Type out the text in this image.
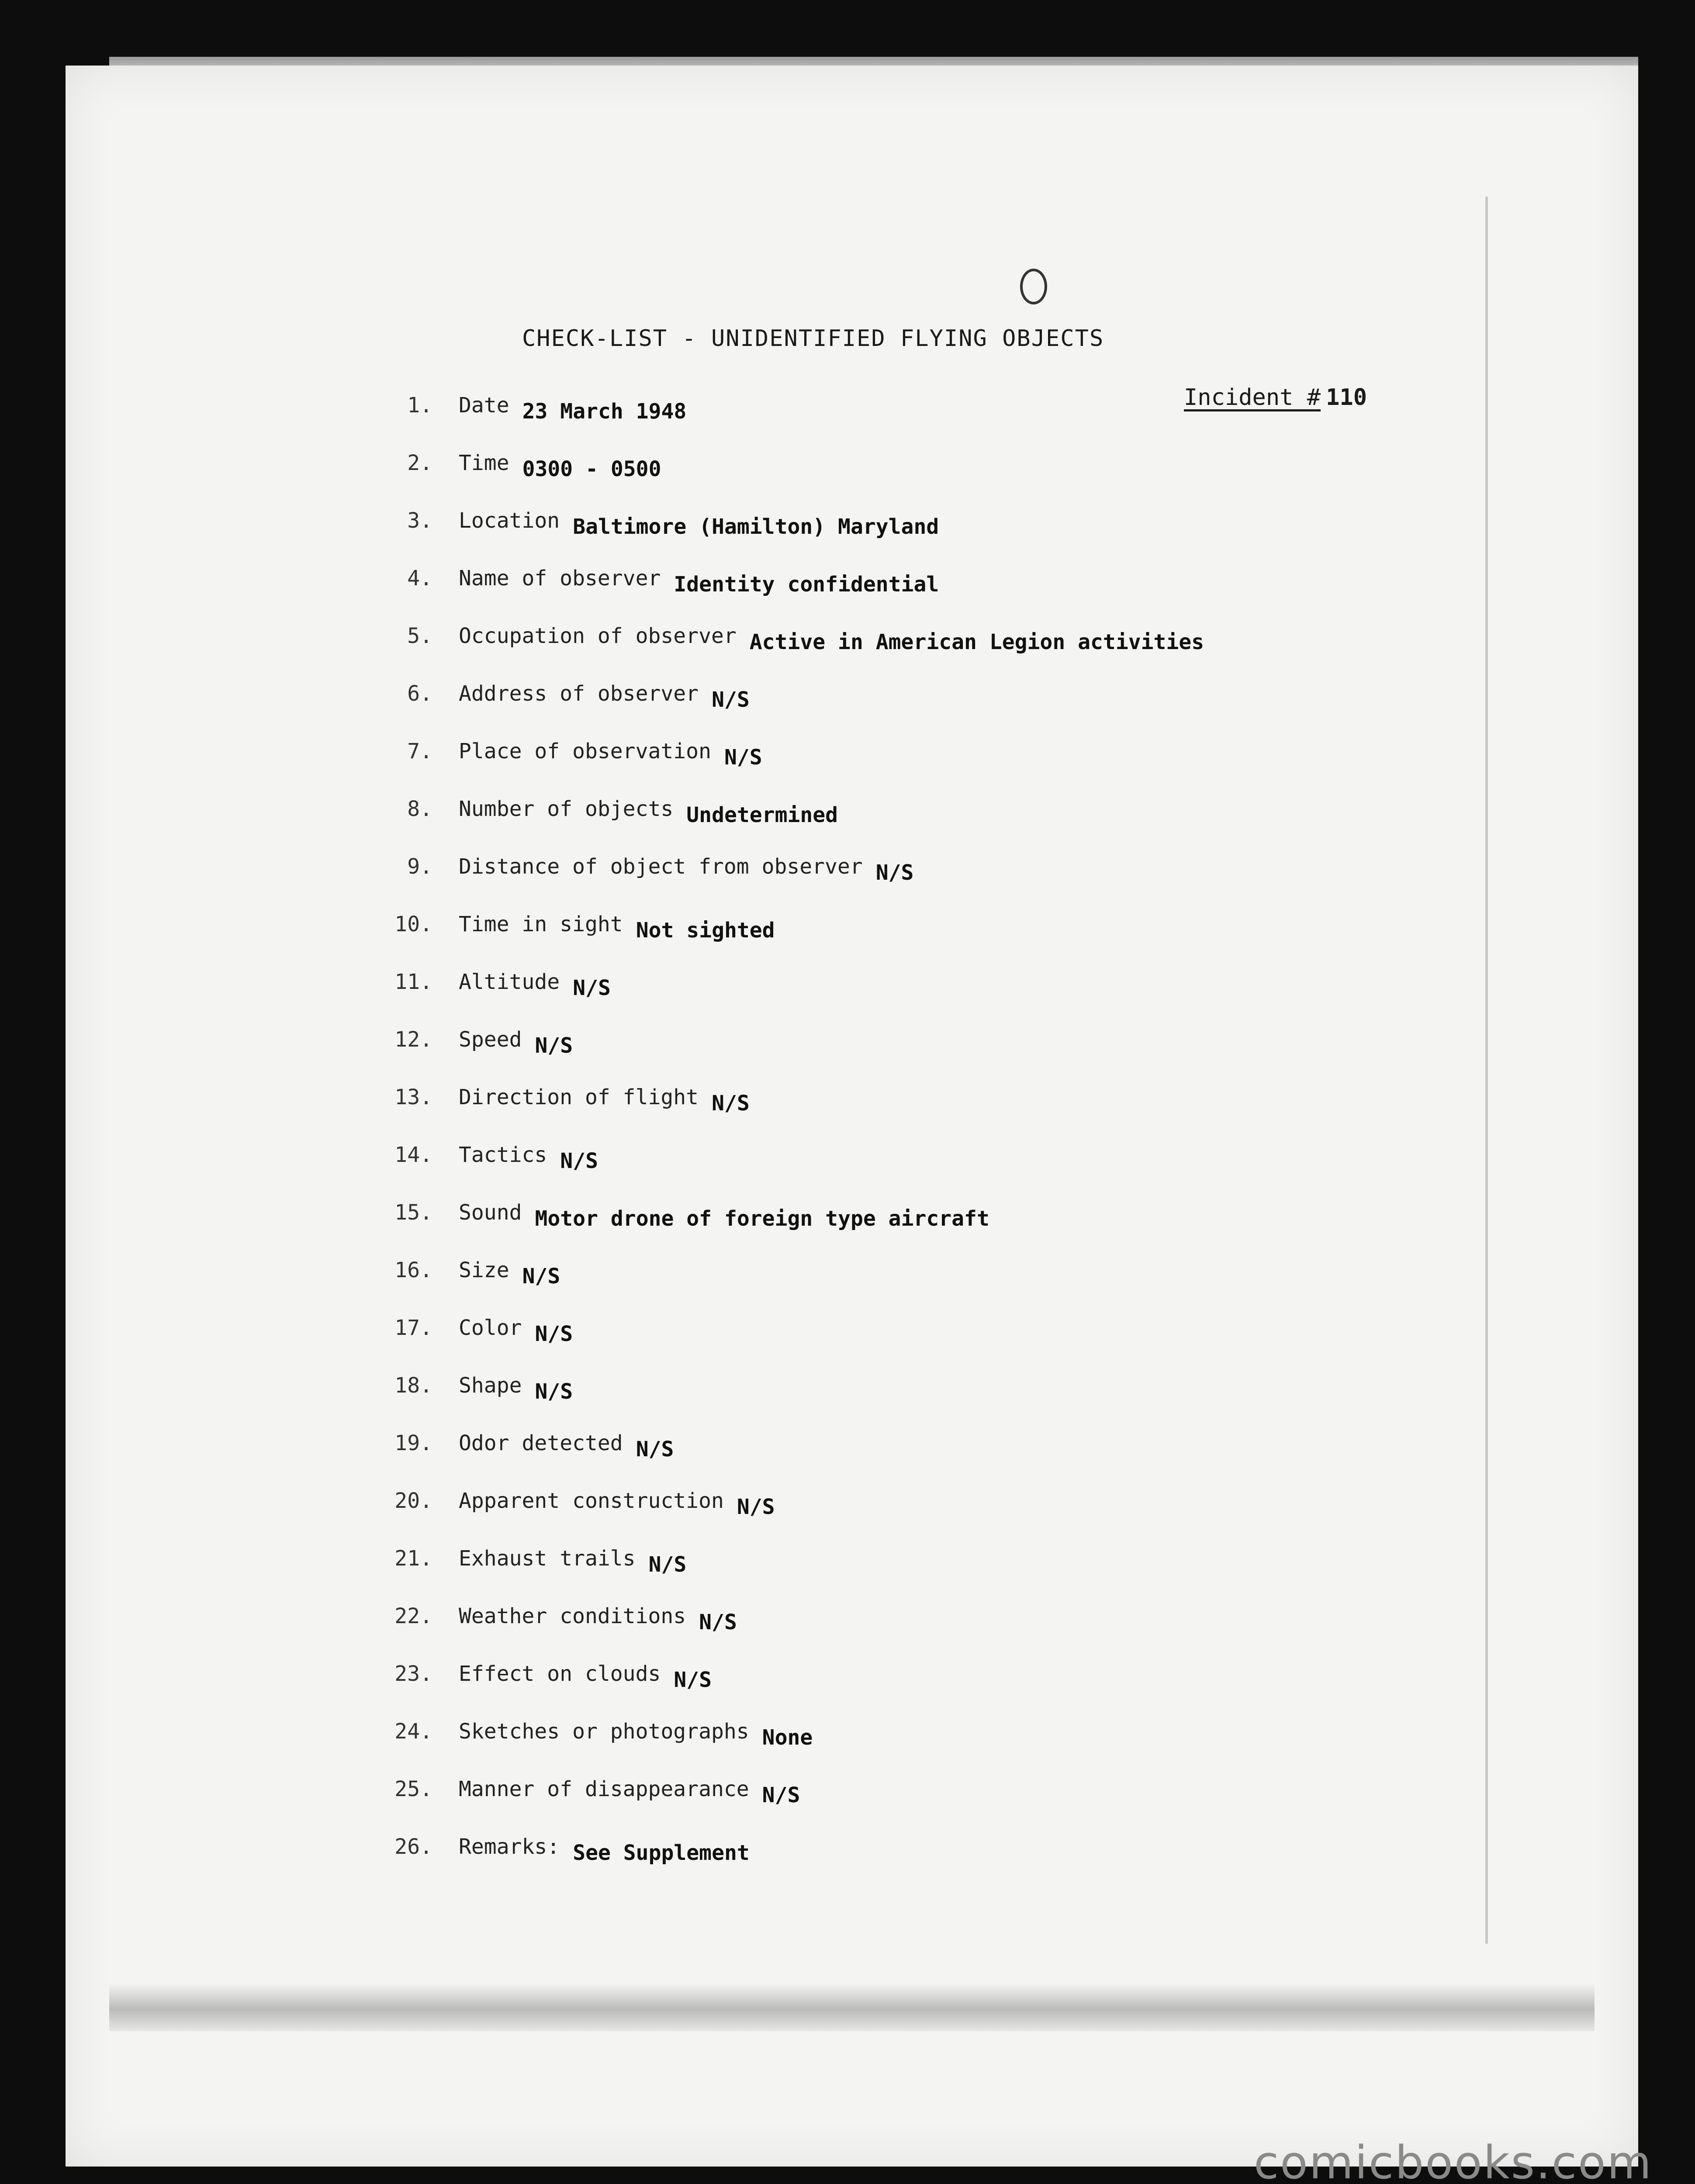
CHECK-LIST - UNIDENTIFIED FLYING OBJECTS
Incident # 110
1. Date 23 March 1948
2. Time 0300 - 0500
3. Location Baltimore (Hamilton) Maryland
4. Name of observer Identity confidential
5. Occupation of observer Active in American Legion activities
6. Address of observer N/S
7. Place of observation N/S
8. Number of objects Undetermined
9. Distance of object from observer N/S
10. Time in sight Not sighted
11. Altitude N/S
12. Speed N/S
13. Direction of flight N/S
14. Tactics N/S
15. Sound Motor drone of foreign type aircraft
16. Size N/S
17. Color N/S
18. Shape N/S
19. Odor detected N/S
20. Apparent construction N/S
21. Exhaust trails N/S
22. Weather conditions N/S
23. Effect on clouds N/S
24. Sketches or photographs None
25. Manner of disappearance N/S
26. Remarks: See Supplement
comicbooks.com
